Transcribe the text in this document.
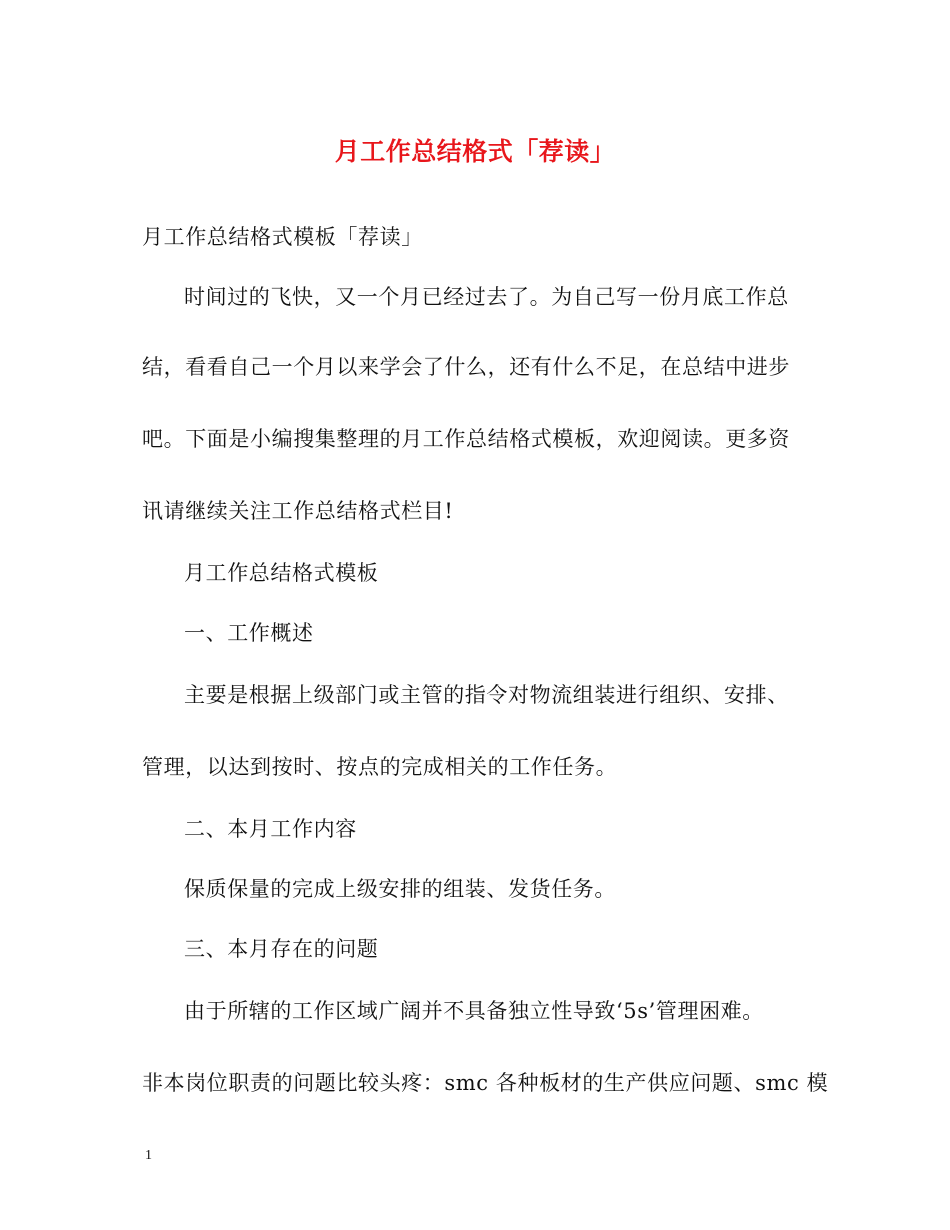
月工作总结格式「荐读」

月工作总结格式模板「荐读」

时间过的飞快，又一个月已经过去了。为自己写一份月底工作总

结，看看自己一个月以来学会了什么，还有什么不足，在总结中进步

吧。下面是小编搜集整理的月工作总结格式模板，欢迎阅读。更多资

讯请继续关注工作总结格式栏目!

月工作总结格式模板

一、工作概述

主要是根据上级部门或主管的指令对物流组装进行组织、安排、

管理，以达到按时、按点的完成相关的工作任务。

二、本月工作内容

保质保量的完成上级安排的组装、发货任务。

三、本月存在的问题

由于所辖的工作区域广阔并不具备独立性导致‘5s’管理困难。

非本岗位职责的问题比较头疼：smc 各种板材的生产供应问题、smc 模

1
